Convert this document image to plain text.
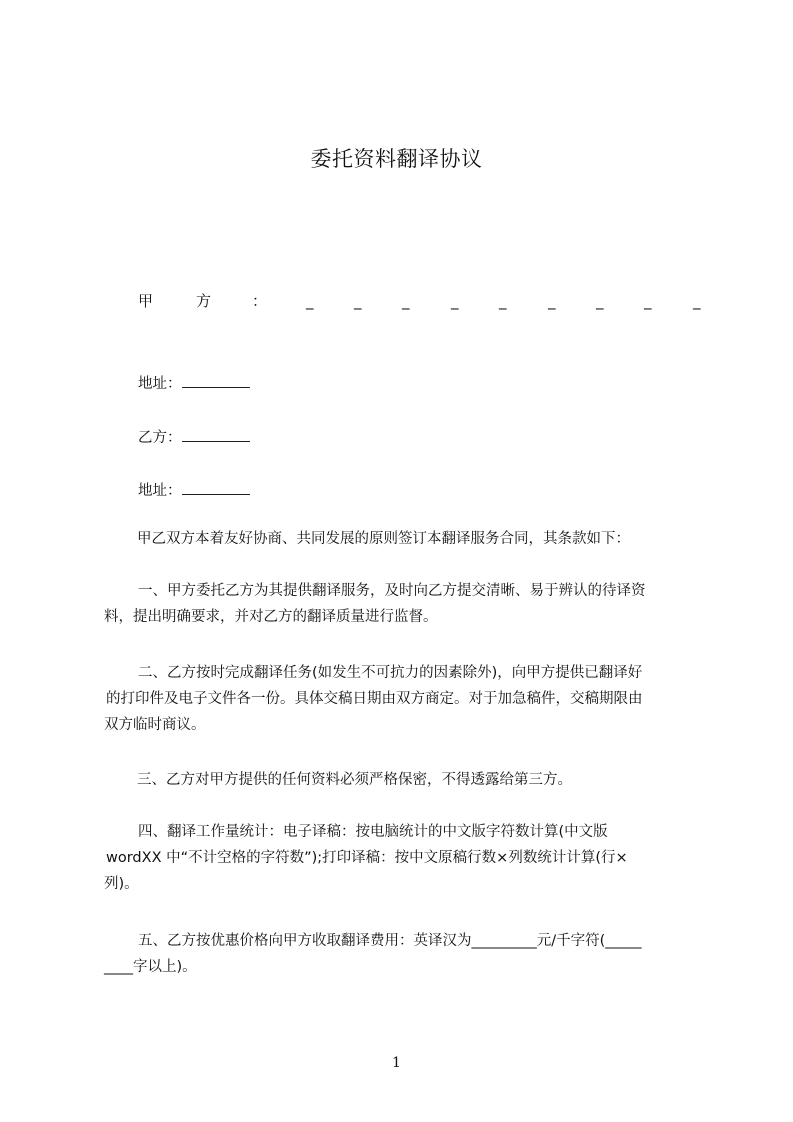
委托资料翻译协议
甲	方	：	_	_	_	_	_	_	_	_	_
地址：
乙方：
地址：
甲乙双方本着友好协商、共同发展的原则签订本翻译服务合同，其条款如下：
一、甲方委托乙方为其提供翻译服务，及时向乙方提交清晰、易于辨认的待译资
料，提出明确要求，并对乙方的翻译质量进行监督。
二、乙方按时完成翻译任务(如发生不可抗力的因素除外)，向甲方提供已翻译好
的打印件及电子文件各一份。具体交稿日期由双方商定。对于加急稿件，交稿期限由
双方临时商议。
三、乙方对甲方提供的任何资料必须严格保密，不得透露给第三方。
四、翻译工作量统计：电子译稿：按电脑统计的中文版字符数计算(中文版
wordXX 中“不计空格的字符数”);打印译稿：按中文原稿行数×列数统计计算(行×
列)。
五、乙方按优惠价格向甲方收取翻译费用：英译汉为_________元/千字符(_____
____字以上)。
1
